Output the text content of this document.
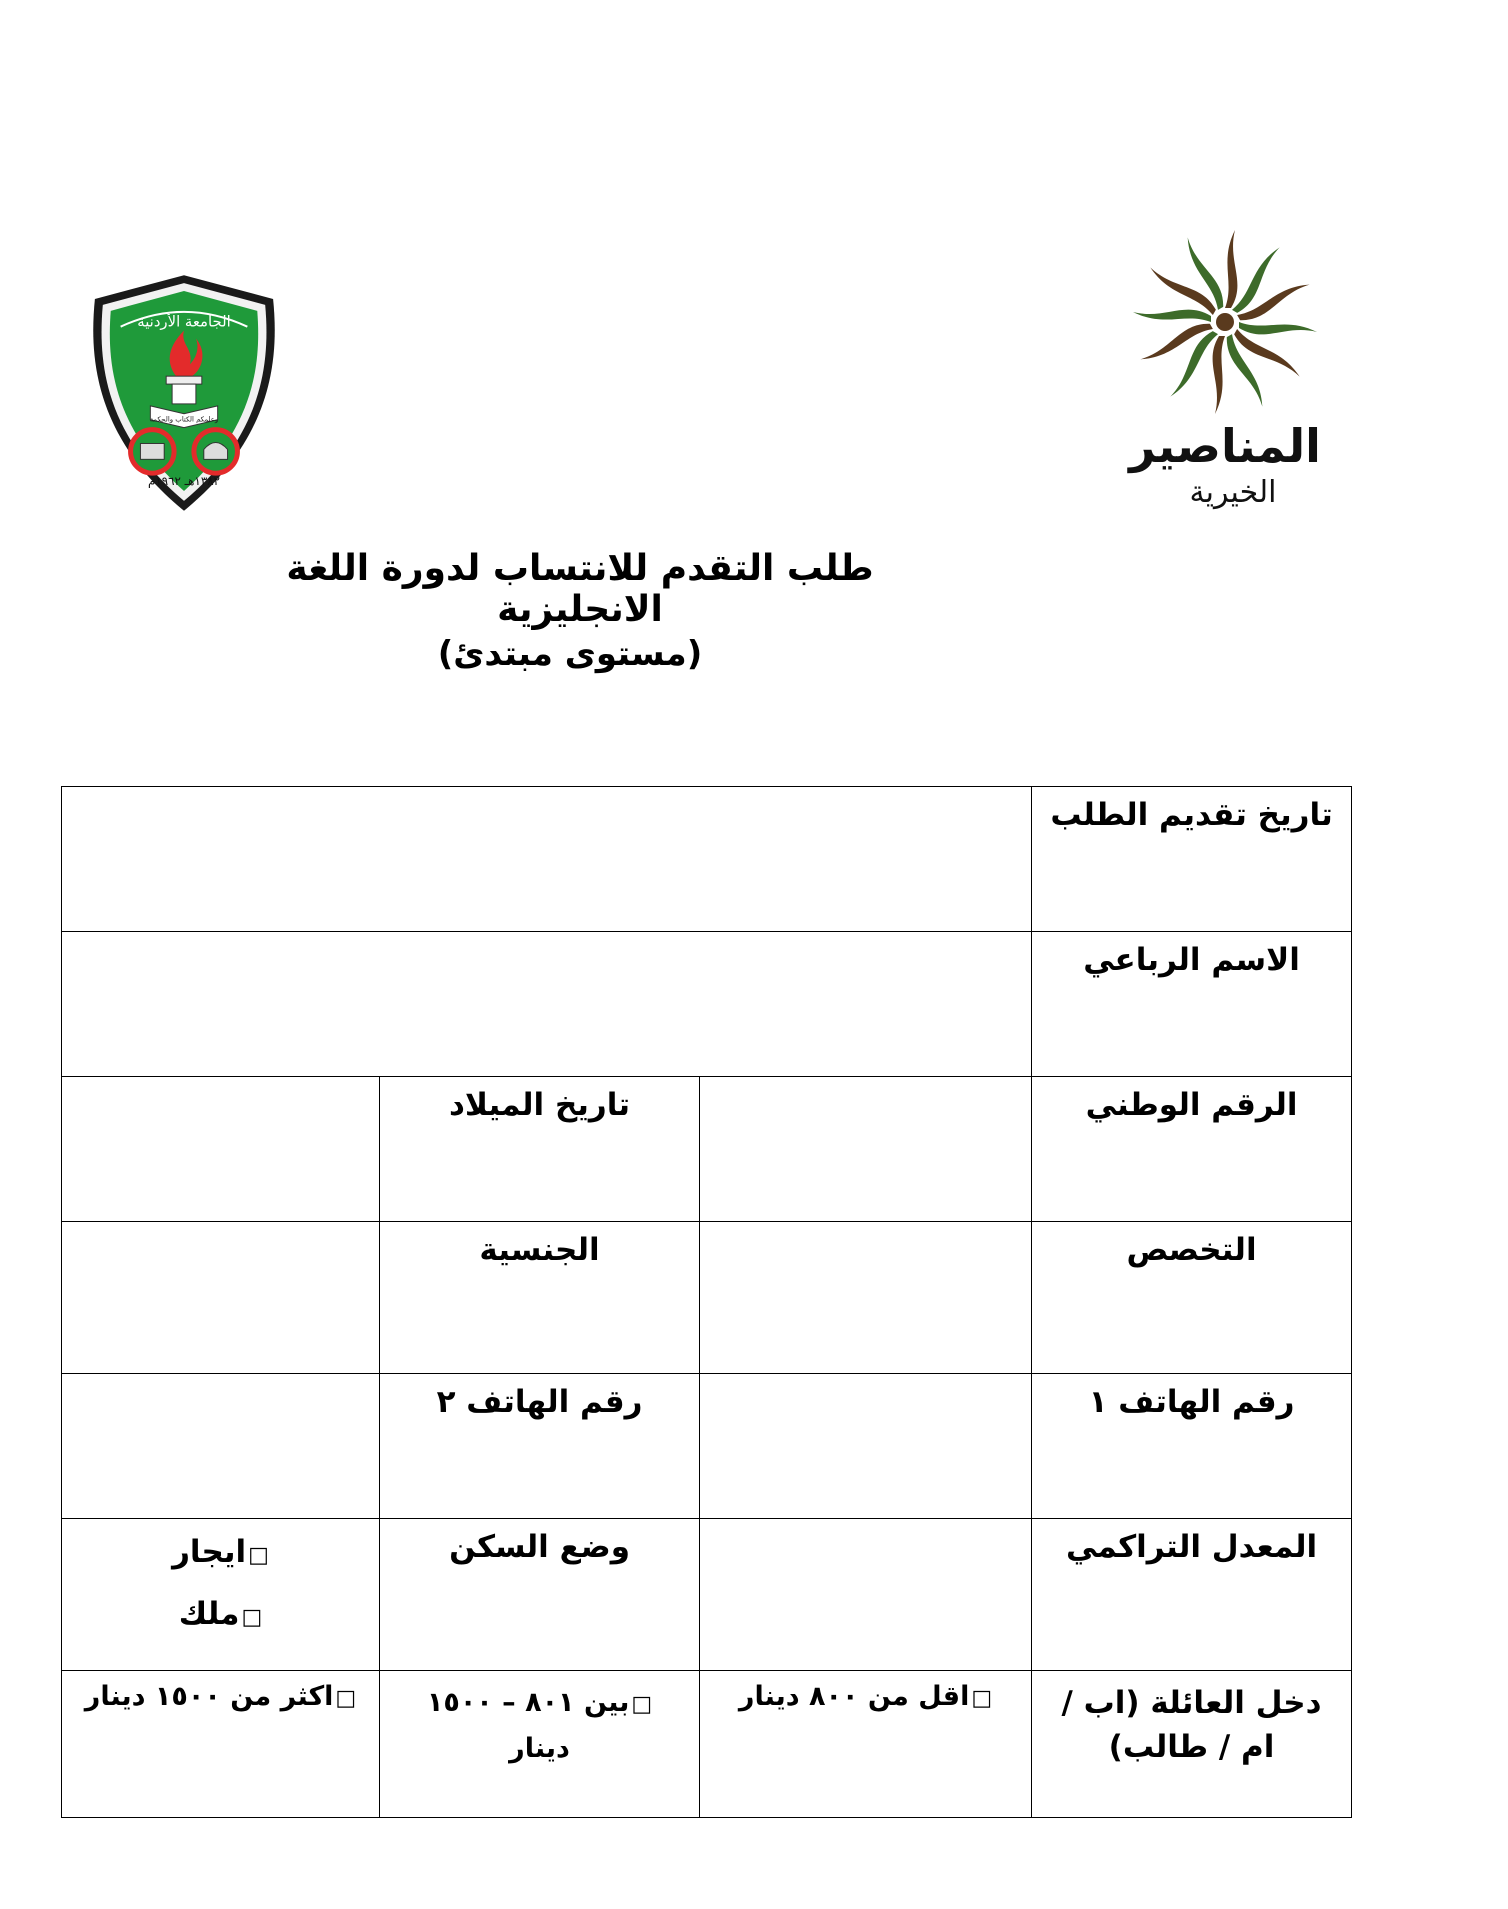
الجامعة الأردنية
وعلمكم الكتاب والحكمة
١٣٨٢هـ ١٩٦٢م
المناصير
الخيرية
طلب التقدم للانتساب لدورة اللغة الانجليزية
(مستوى مبتدئ)
تاريخ تقديم الطلب			
الاسم الرباعي			
الرقم الوطني		تاريخ الميلاد	
التخصص		الجنسية	
رقم الهاتف ١		رقم الهاتف ٢	
المعدل التراكمي		وضع السكن	□ايجار
□ملك

دخل العائلة (اب / ام / طالب)	□اقل من ٨٠٠ دينار	□بين ٨٠١ – ١٥٠٠ دينار	□اكثر من ١٥٠٠ دينار
